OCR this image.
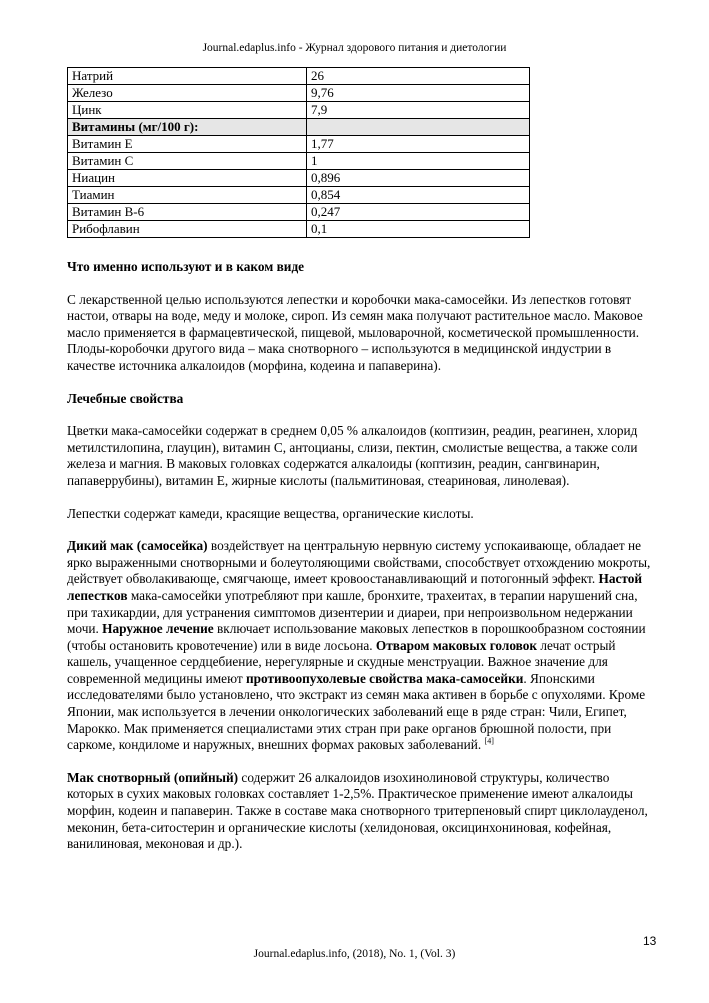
Journal.edaplus.info - Журнал здорового питания и диетологии
Натрий	26
Железо	9,76
Цинк	7,9
Витамины (мг/100 г):	
Витамин Е	1,77
Витамин С	1
Ниацин	0,896
Тиамин	0,854
Витамин В-6	0,247
Рибофлавин	0,1
Что именно используют и в каком виде

С лекарственной целью используются лепестки и коробочки мака-самосейки. Из лепестков готовят настои, отвары на воде, меду и молоке, сироп. Из семян мака получают растительное масло. Маковое масло применяется в фармацевтической, пищевой, мыловарочной, косметической промышленности. Плоды-коробочки другого вида – мака снотворного – используются в медицинской индустрии в качестве источника алкалоидов (морфина, кодеина и папаверина).

Лечебные свойства

Цветки мака-самосейки содержат в среднем 0,05 % алкалоидов (коптизин, реадин, реагинен, хлорид метилстилопина, глауцин), витамин С, антоцианы, слизи, пектин, смолистые вещества, а также соли железа и магния. В маковых головках содержатся алкалоиды (коптизин, реадин, сангвинарин, папаверрубины), витамин Е, жирные кислоты (пальмитиновая, стеариновая, линолевая).

Лепестки содержат камеди, красящие вещества, органические кислоты.

Дикий мак (самосейка) воздействует на центральную нервную систему успокаивающе, обладает не ярко выраженными снотворными и болеутоляющими свойствами, способствует отхождению мокроты, действует обволакивающе, смягчающе, имеет кровоостанавливающий и потогонный эффект. Настой лепестков мака-самосейки употребляют при кашле, бронхите, трахеитах, в терапии нарушений сна, при тахикардии, для устранения симптомов дизентерии и диареи, при непроизвольном недержании мочи. Наружное лечение включает использование маковых лепестков в порошкообразном состоянии (чтобы остановить кровотечение) или в виде лосьона. Отваром маковых головок лечат острый кашель, учащенное сердцебиение, нерегулярные и скудные менструации. Важное значение для современной медицины имеют противоопухолевые свойства мака-самосейки. Японскими исследователями было установлено, что экстракт из семян мака активен в борьбе с опухолями. Кроме Японии, мак используется в лечении онкологических заболеваний еще в ряде стран: Чили, Египет, Марокко. Мак применяется специалистами этих стран при раке органов брюшной полости, при саркоме, кондиломе и наружных, внешних формах раковых заболеваний. [4]

Мак снотворный (опийный) содержит 26 алкалоидов изохинолиновой структуры, количество которых в сухих маковых головках составляет 1-2,5%. Практическое применение имеют алкалоиды морфин, кодеин и папаверин. Также в составе мака снотворного тритерпеновый спирт циклолауденол, меконин, бета-ситостерин и органические кислоты (хелидоновая, оксицинхониновая, кофейная, ванилиновая, меконовая и др.).

13
Journal.edaplus.info, (2018), No. 1, (Vol. 3)
